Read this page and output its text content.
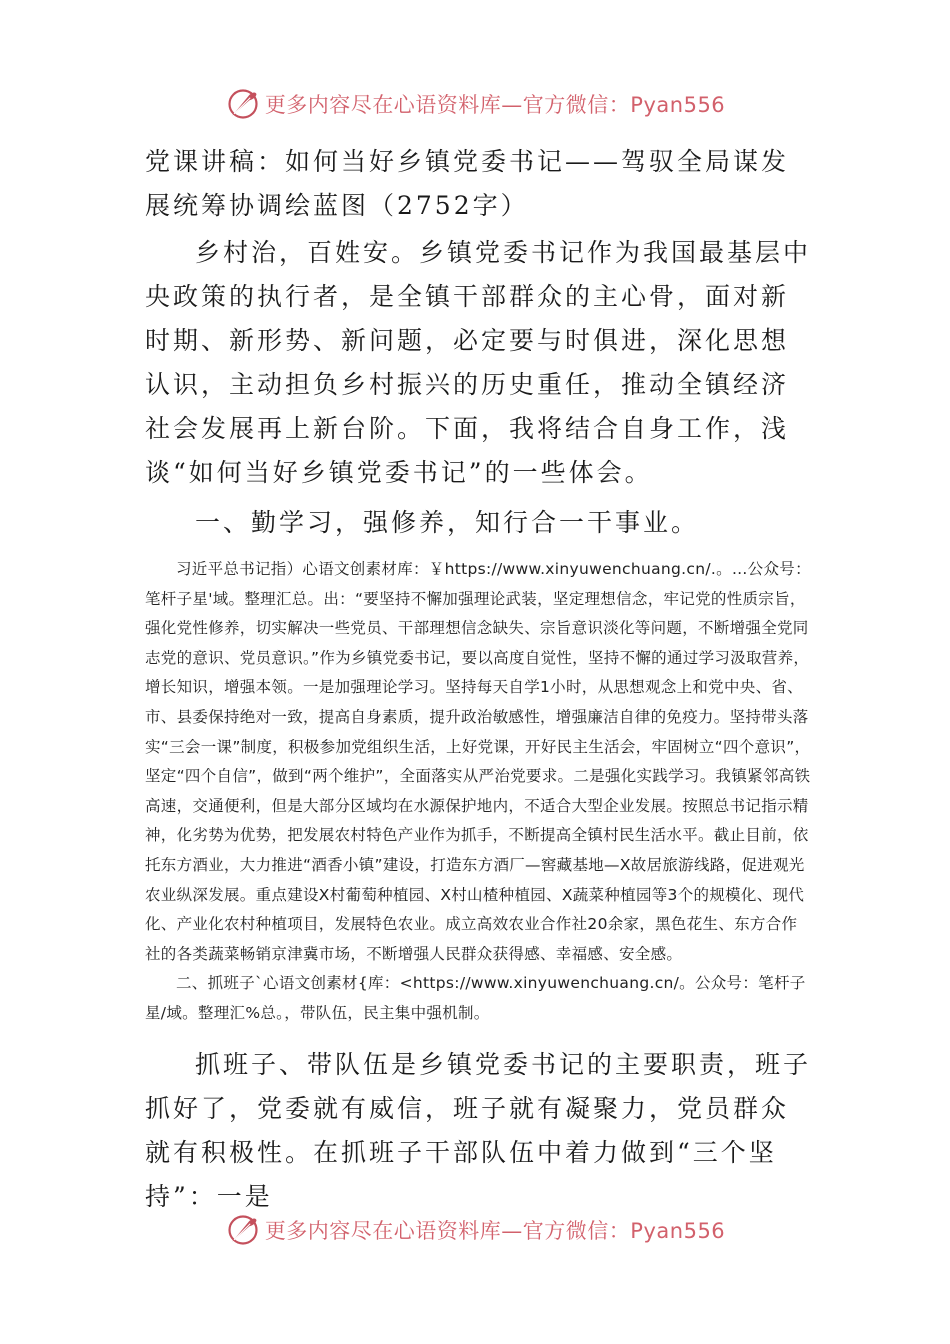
更多内容尽在心语资料库—官方微信：Pyan556

党课讲稿：如何当好乡镇党委书记——驾驭全局谋发展统筹协调绘蓝图（2752字）

乡村治，百姓安。乡镇党委书记作为我国最基层中央政策的执行者，是全镇干部群众的主心骨，面对新时期、新形势、新问题，必定要与时俱进，深化思想认识，主动担负乡村振兴的历史重任，推动全镇经济社会发展再上新台阶。下面，我将结合自身工作，浅谈“如何当好乡镇党委书记”的一些体会。

一、勤学习，强修养，知行合一干事业。

习近平总书记指）心语文创素材库：￥https://www.xinyuwenchuang.cn/.。…公众号：笔杆子星'域。整理汇总。出：“要坚持不懈加强理论武装，坚定理想信念，牢记党的性质宗旨，强化党性修养，切实解决一些党员、干部理想信念缺失、宗旨意识淡化等问题，不断增强全党同志党的意识、党员意识。”作为乡镇党委书记，要以高度自觉性，坚持不懈的通过学习汲取营养，增长知识，增强本领。一是加强理论学习。坚持每天自学1小时，从思想观念上和党中央、省、市、县委保持绝对一致，提高自身素质，提升政治敏感性，增强廉洁自律的免疫力。坚持带头落实“三会一课”制度，积极参加党组织生活，上好党课，开好民主生活会，牢固树立“四个意识”，坚定“四个自信”，做到“两个维护”，全面落实从严治党要求。二是强化实践学习。我镇紧邻高铁高速，交通便利，但是大部分区域均在水源保护地内，不适合大型企业发展。按照总书记指示精神，化劣势为优势，把发展农村特色产业作为抓手，不断提高全镇村民生活水平。截止目前，依托东方酒业，大力推进“酒香小镇”建设，打造东方酒厂—窖藏基地—X故居旅游线路，促进观光农业纵深发展。重点建设X村葡萄种植园、X村山楂种植园、X蔬菜种植园等3个的规模化、现代化、产业化农村种植项目，发展特色农业。成立高效农业合作社20余家，黑色花生、东方合作社的各类蔬菜畅销京津冀市场，不断增强人民群众获得感、幸福感、安全感。

二、抓班子`心语文创素材{库：<https://www.xinyuwenchuang.cn/。公众号：笔杆子星/域。整理汇%总。，带队伍，民主集中强机制。

抓班子、带队伍是乡镇党委书记的主要职责，班子抓好了，党委就有威信，班子就有凝聚力，党员群众就有积极性。在抓班子干部队伍中着力做到“三个坚持”：一是

更多内容尽在心语资料库—官方微信：Pyan556
